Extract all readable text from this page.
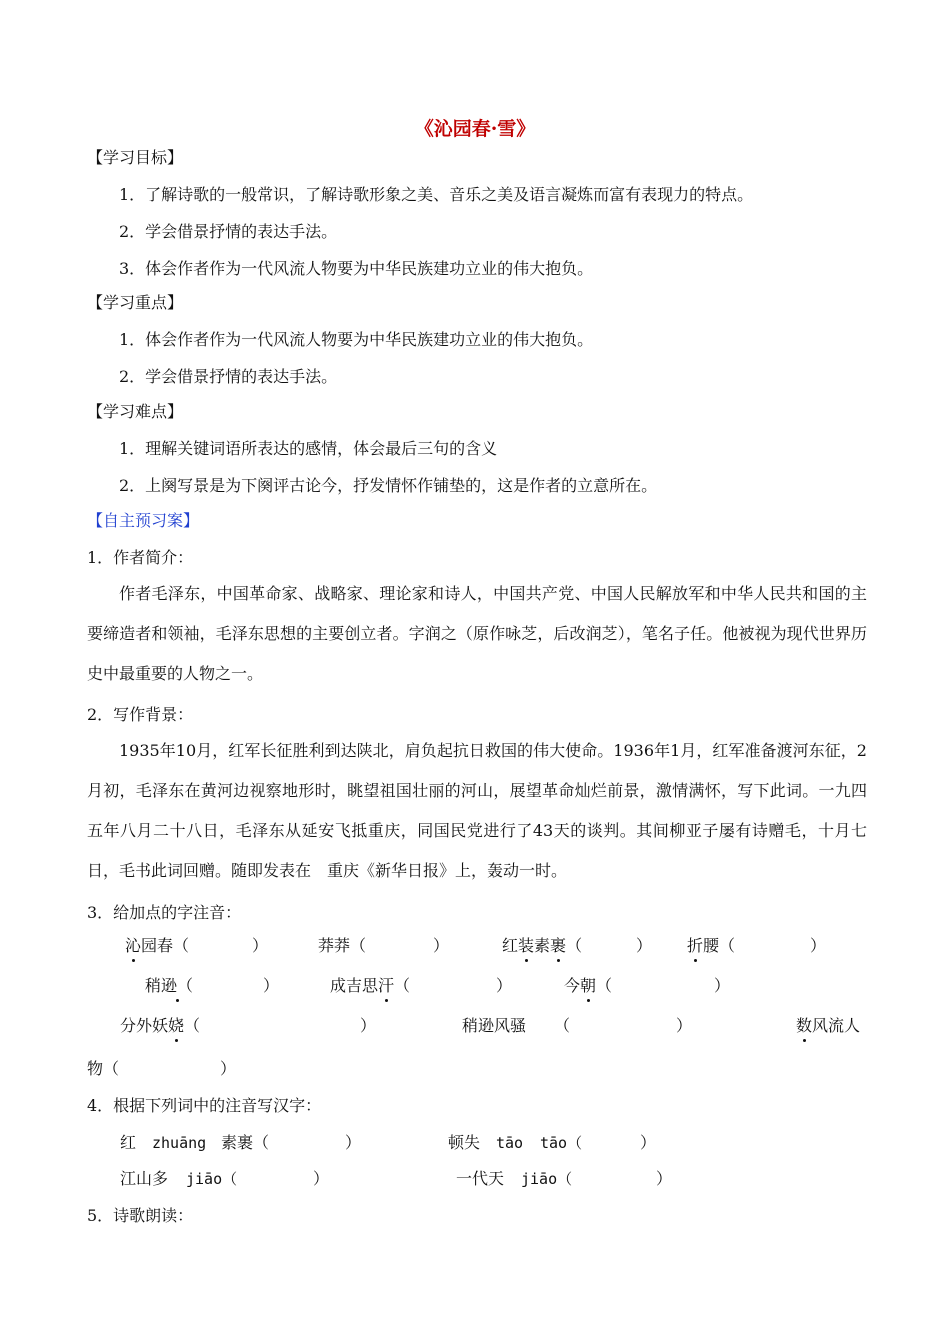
《沁园春·雪》
【学习目标】
1．了解诗歌的一般常识，了解诗歌形象之美、音乐之美及语言凝炼而富有表现力的特点。
2．学会借景抒情的表达手法。
3．体会作者作为一代风流人物要为中华民族建功立业的伟大抱负。
【学习重点】
1．体会作者作为一代风流人物要为中华民族建功立业的伟大抱负。
2．学会借景抒情的表达手法。
【学习难点】
1．理解关键词语所表达的感情，体会最后三句的含义
2．上阕写景是为下阕评古论今，抒发情怀作铺垫的，这是作者的立意所在。
【自主预习案】
1．作者简介：
作者毛泽东，中国革命家、战略家、理论家和诗人，中国共产党、中国人民解放军和中华人民共和国的主要缔造者和领袖，毛泽东思想的主要创立者。字润之（原作咏芝，后改润芝），笔名子任。他被视为现代世界历史中最重要的人物之一。
2．写作背景：
1935年10月，红军长征胜利到达陕北，肩负起抗日救国的伟大使命。1936年1月，红军准备渡河东征，2月初，毛泽东在黄河边视察地形时，眺望祖国壮丽的河山，展望革命灿烂前景，激情满怀，写下此词。一九四五年八月二十八日，毛泽东从延安飞抵重庆，同国民党进行了43天的谈判。其间柳亚子屡有诗赠毛，十月七日，毛书此词回赠。随即发表在　重庆《新华日报》上，轰动一时。
3．给加点的字注音：
沁园春（	）	莽莽（	）	红装素裹（	） 折腰（	）
稍逊（	）	成吉思汗（	）	今朝（	）
分外妖娆（	）	稍逊风骚 （	）	数风流人
物（	）
4．根据下列词中的注音写汉字：
红 zhuāng 素裹（	）	顿失 tāo tāo（	）
江山多 jiāo（	）	一代天 jiāo（	）
5．诗歌朗读：
